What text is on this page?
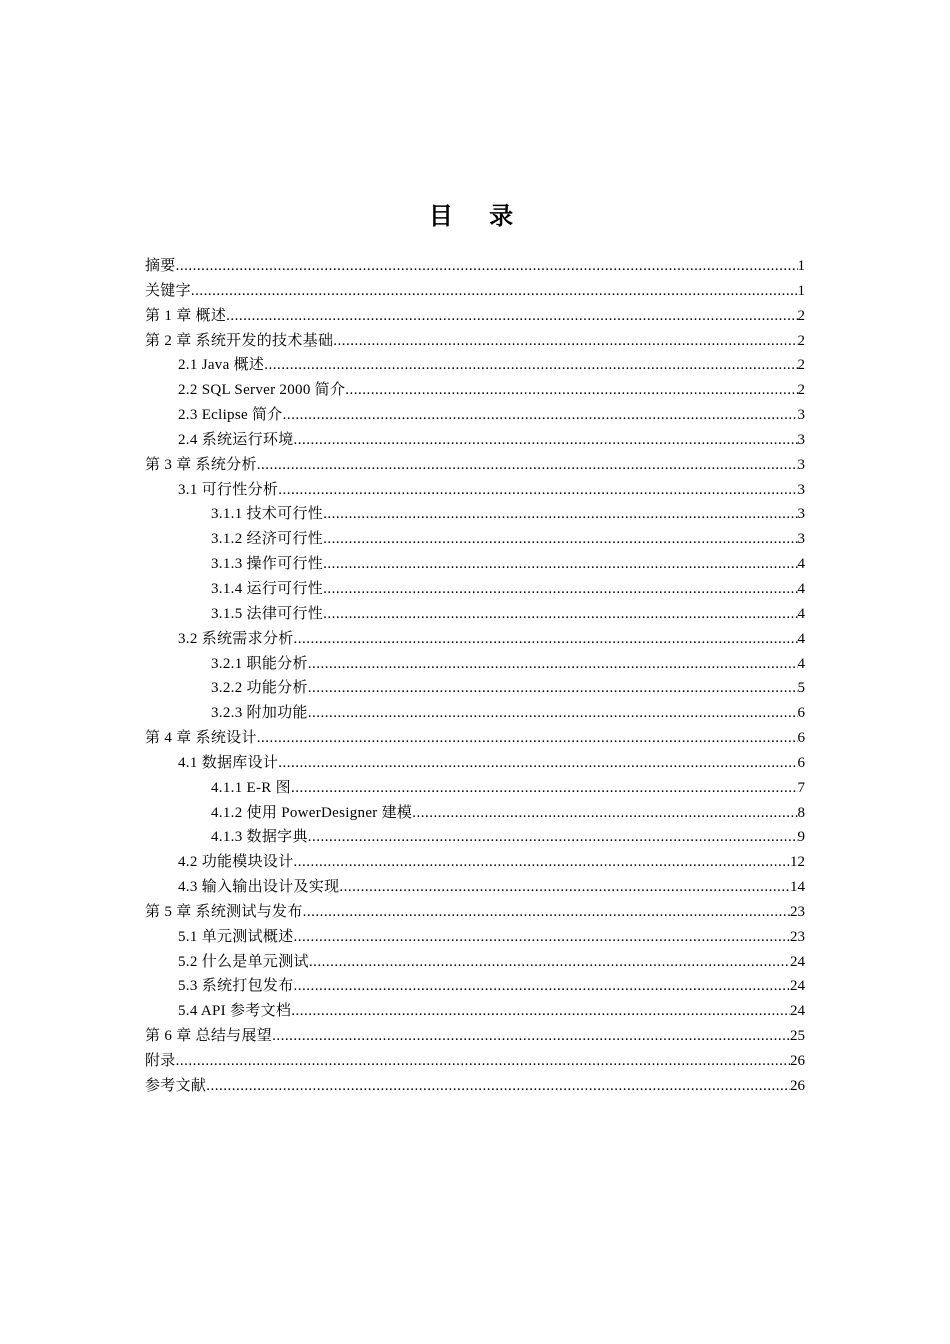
目 录
摘要 .....	1
关键字 .....	1
第 1 章 概述 .....	2
第 2 章 系统开发的技术基础 .....	2
2.1 Java 概述 .....	2
2.2 SQL Server 2000 简介 .....	2
2.3 Eclipse 简介 .....	3
2.4 系统运行环境 .....	3
第 3 章 系统分析 .....	3
3.1 可行性分析 .....	3
3.1.1 技术可行性 .....	3
3.1.2 经济可行性 .....	3
3.1.3 操作可行性 .....	4
3.1.4 运行可行性 .....	4
3.1.5 法律可行性 .....	4
3.2 系统需求分析 .....	4
3.2.1 职能分析 .....	4
3.2.2 功能分析 .....	5
3.2.3 附加功能 .....	6
第 4 章 系统设计 .....	6
4.1 数据库设计 .....	6
4.1.1 E-R 图 .....	7
4.1.2 使用 PowerDesigner 建模 .....	8
4.1.3 数据字典 .....	9
4.2 功能模块设计 .....	12
4.3 输入输出设计及实现 .....	14
第 5 章 系统测试与发布 .....	23
5.1 单元测试概述 .....	23
5.2 什么是单元测试 .....	24
5.3 系统打包发布 .....	24
5.4 API 参考文档 .....	24
第 6 章 总结与展望 .....	25
附录 .....	26
参考文献 .....	26
